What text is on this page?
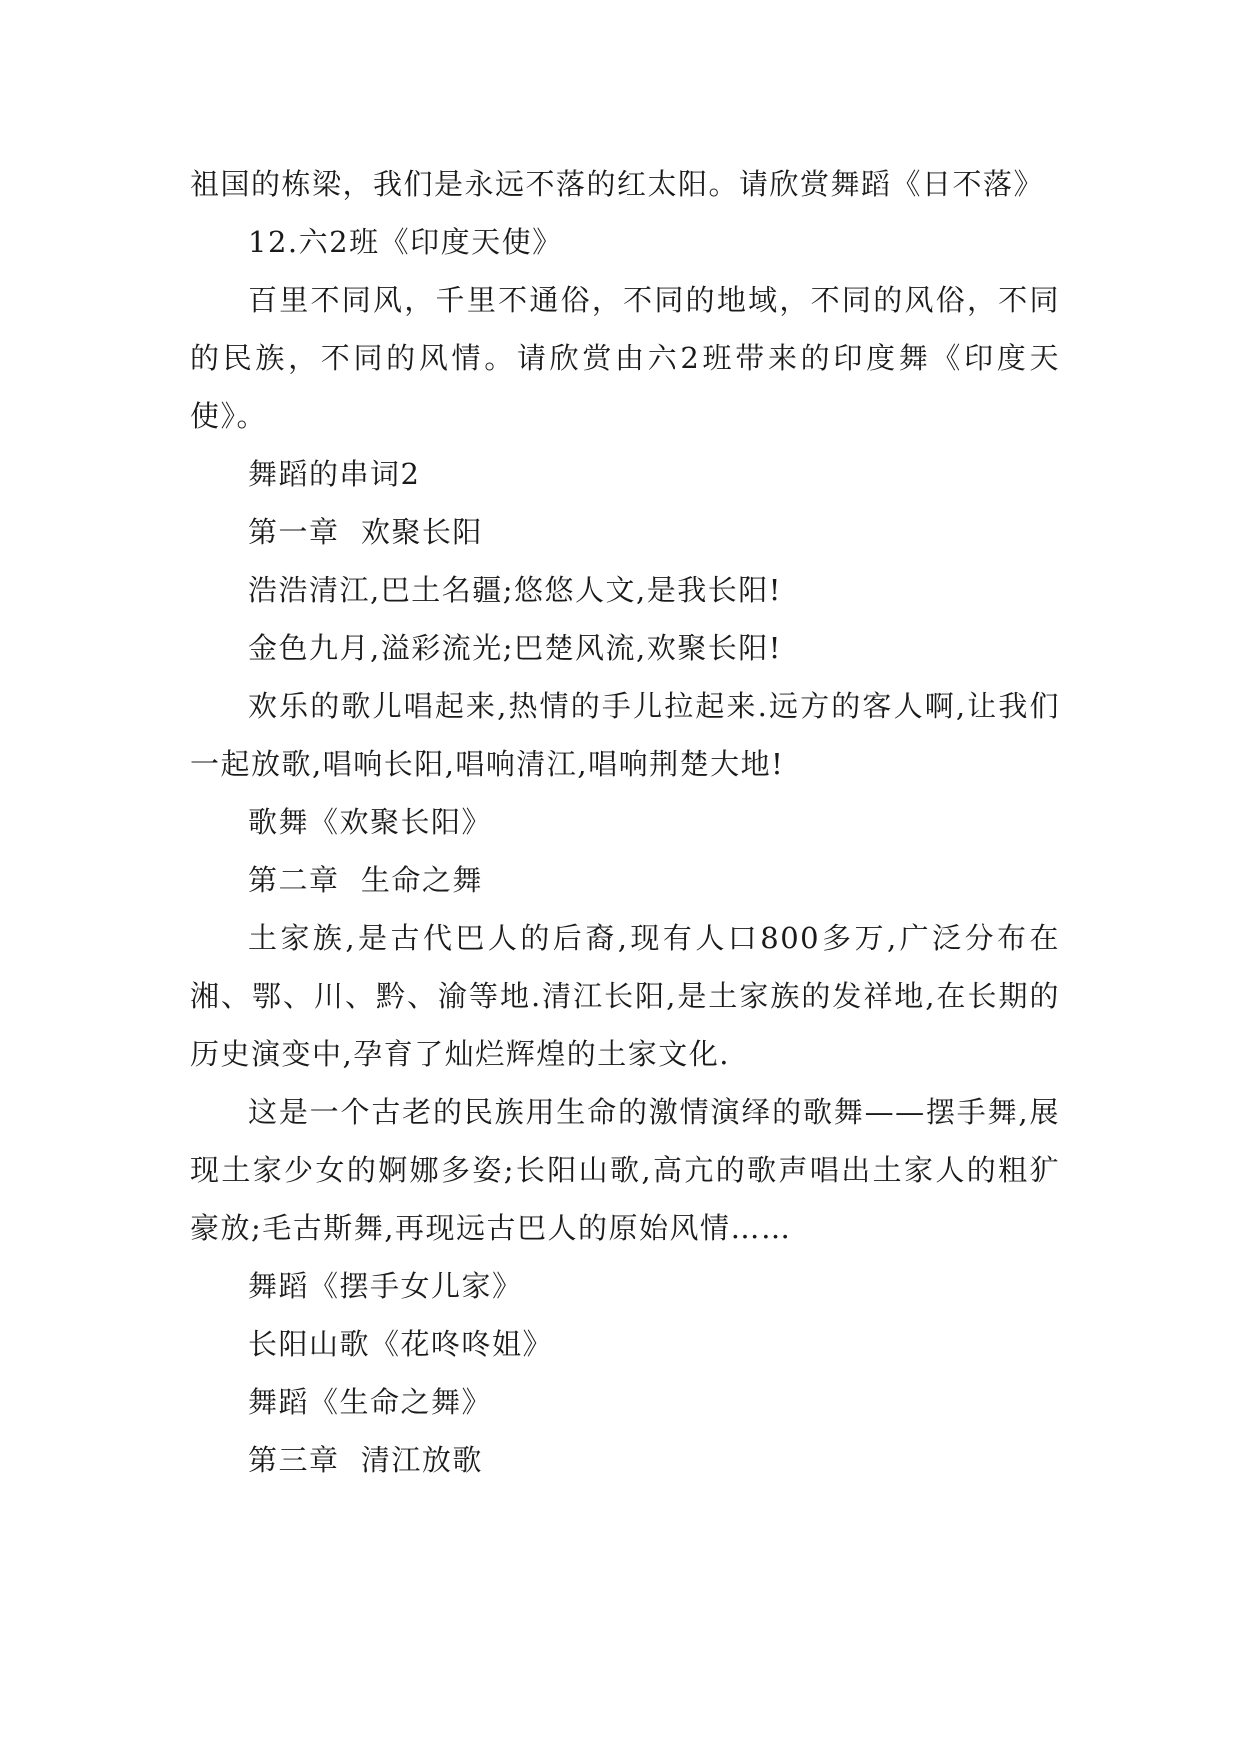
祖国的栋梁，我们是永远不落的红太阳。请欣赏舞蹈《日不落》

12.六2班《印度天使》

百里不同风，千里不通俗，不同的地域，不同的风俗，不同的民族，不同的风情。请欣赏由六2班带来的印度舞《印度天使》。

舞蹈的串词2

第一章  欢聚长阳

浩浩清江,巴土名疆;悠悠人文,是我长阳!

金色九月,溢彩流光;巴楚风流,欢聚长阳!

欢乐的歌儿唱起来,热情的手儿拉起来.远方的客人啊,让我们一起放歌,唱响长阳,唱响清江,唱响荆楚大地!

歌舞《欢聚长阳》

第二章  生命之舞

土家族,是古代巴人的后裔,现有人口800多万,广泛分布在湘、鄂、川、黔、渝等地.清江长阳,是土家族的发祥地,在长期的历史演变中,孕育了灿烂辉煌的土家文化.

这是一个古老的民族用生命的激情演绎的歌舞——摆手舞,展现土家少女的婀娜多姿;长阳山歌,高亢的歌声唱出土家人的粗犷豪放;毛古斯舞,再现远古巴人的原始风情……

舞蹈《摆手女儿家》

长阳山歌《花咚咚姐》

舞蹈《生命之舞》

第三章  清江放歌
